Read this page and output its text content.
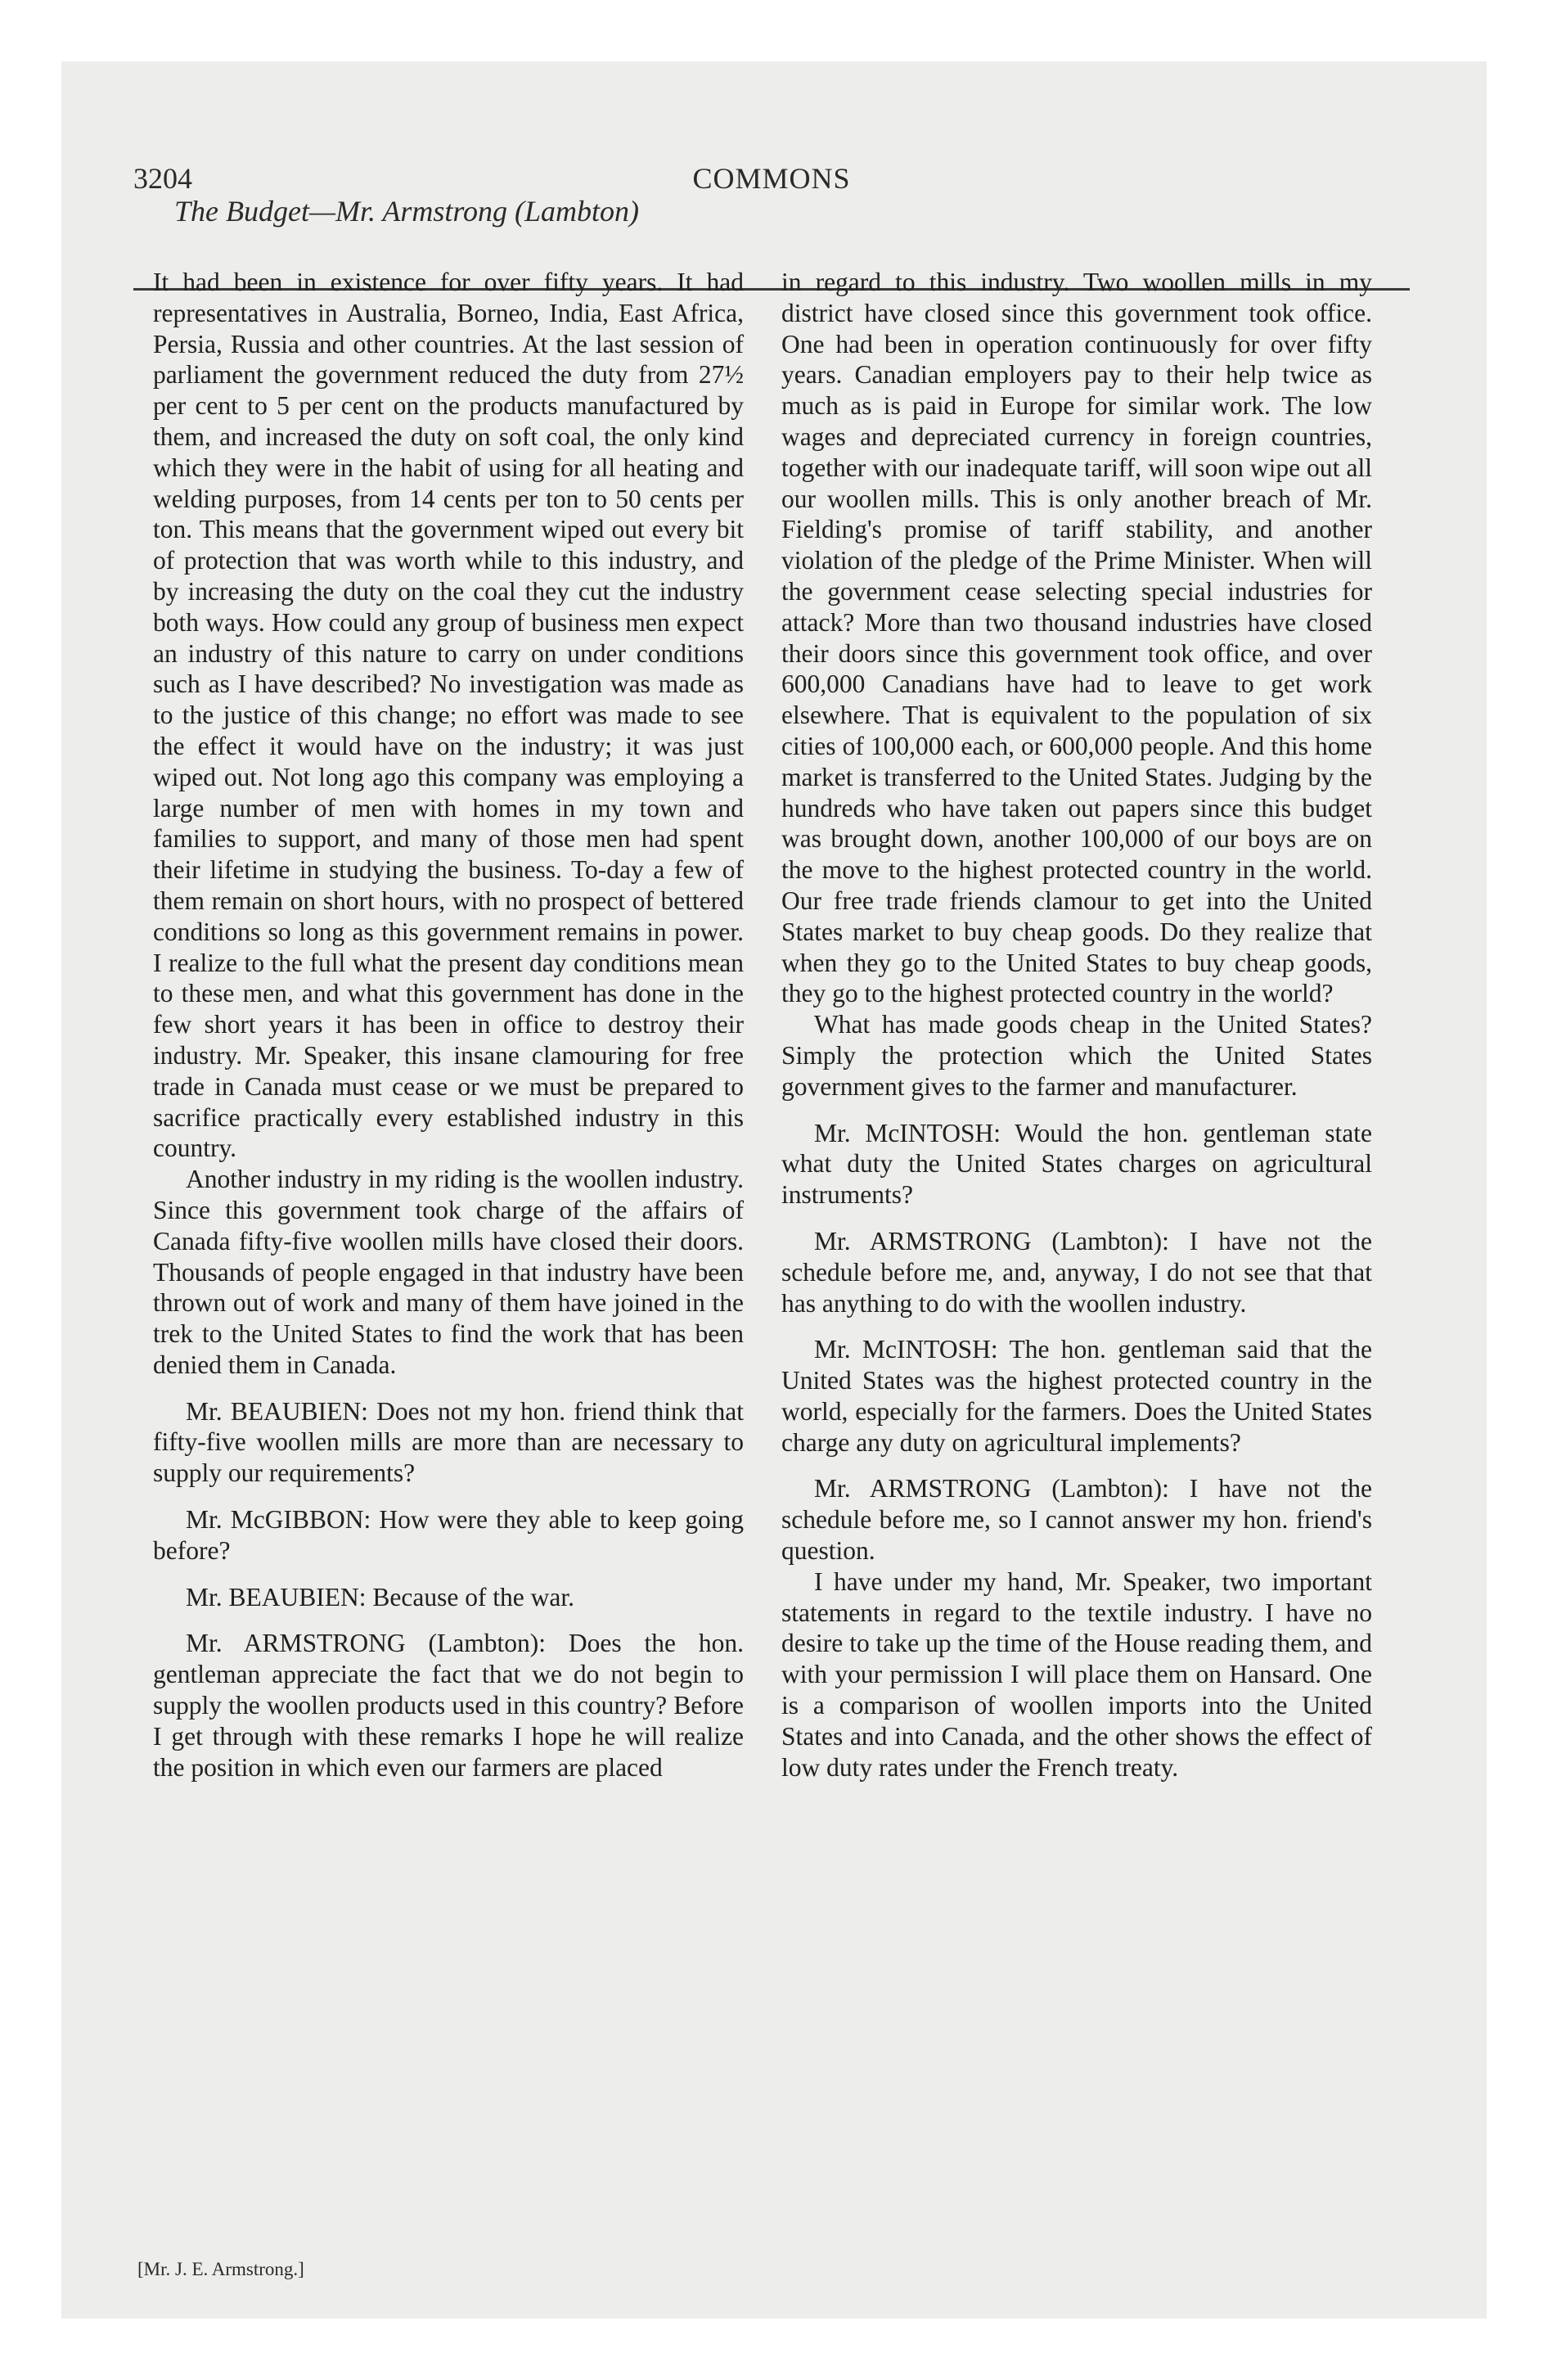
3204	COMMONS
The Budget—Mr. Armstrong (Lambton)

It had been in existence for over fifty years. It had representatives in Australia, Borneo, India, East Africa, Persia, Russia and other countries. At the last session of parliament the government reduced the duty from 27½ per cent to 5 per cent on the products manufactured by them, and increased the duty on soft coal, the only kind which they were in the habit of using for all heating and welding purposes, from 14 cents per ton to 50 cents per ton. This means that the government wiped out every bit of protection that was worth while to this industry, and by increasing the duty on the coal they cut the industry both ways. How could any group of business men expect an industry of this nature to carry on under conditions such as I have described? No investigation was made as to the justice of this change; no effort was made to see the effect it would have on the industry; it was just wiped out. Not long ago this company was employing a large number of men with homes in my town and families to support, and many of those men had spent their lifetime in studying the business. To-day a few of them remain on short hours, with no prospect of bettered conditions so long as this government remains in power. I realize to the full what the present day conditions mean to these men, and what this government has done in the few short years it has been in office to destroy their industry. Mr. Speaker, this insane clamouring for free trade in Canada must cease or we must be prepared to sacrifice practically every established industry in this country.

Another industry in my riding is the woollen industry. Since this government took charge of the affairs of Canada fifty-five woollen mills have closed their doors. Thousands of people engaged in that industry have been thrown out of work and many of them have joined in the trek to the United States to find the work that has been denied them in Canada.

Mr. BEAUBIEN: Does not my hon. friend think that fifty-five woollen mills are more than are necessary to supply our requirements?

Mr. McGIBBON: How were they able to keep going before?

Mr. BEAUBIEN: Because of the war.

Mr. ARMSTRONG (Lambton): Does the hon. gentleman appreciate the fact that we do not begin to supply the woollen products used in this country? Before I get through with these remarks I hope he will realize the position in which even our farmers are placed

in regard to this industry. Two woollen mills in my district have closed since this government took office. One had been in operation continuously for over fifty years. Canadian employers pay to their help twice as much as is paid in Europe for similar work. The low wages and depreciated currency in foreign countries, together with our inadequate tariff, will soon wipe out all our woollen mills. This is only another breach of Mr. Fielding's promise of tariff stability, and another violation of the pledge of the Prime Minister. When will the government cease selecting special industries for attack? More than two thousand industries have closed their doors since this government took office, and over 600,000 Canadians have had to leave to get work elsewhere. That is equivalent to the population of six cities of 100,000 each, or 600,000 people. And this home market is transferred to the United States. Judging by the hundreds who have taken out papers since this budget was brought down, another 100,000 of our boys are on the move to the highest protected country in the world. Our free trade friends clamour to get into the United States market to buy cheap goods. Do they realize that when they go to the United States to buy cheap goods, they go to the highest protected country in the world?

What has made goods cheap in the United States? Simply the protection which the United States government gives to the farmer and manufacturer.

Mr. McINTOSH: Would the hon. gentleman state what duty the United States charges on agricultural instruments?

Mr. ARMSTRONG (Lambton): I have not the schedule before me, and, anyway, I do not see that that has anything to do with the woollen industry.

Mr. McINTOSH: The hon. gentleman said that the United States was the highest protected country in the world, especially for the farmers. Does the United States charge any duty on agricultural implements?

Mr. ARMSTRONG (Lambton): I have not the schedule before me, so I cannot answer my hon. friend's question.

I have under my hand, Mr. Speaker, two important statements in regard to the textile industry. I have no desire to take up the time of the House reading them, and with your permission I will place them on Hansard. One is a comparison of woollen imports into the United States and into Canada, and the other shows the effect of low duty rates under the French treaty.

[Mr. J. E. Armstrong.]
